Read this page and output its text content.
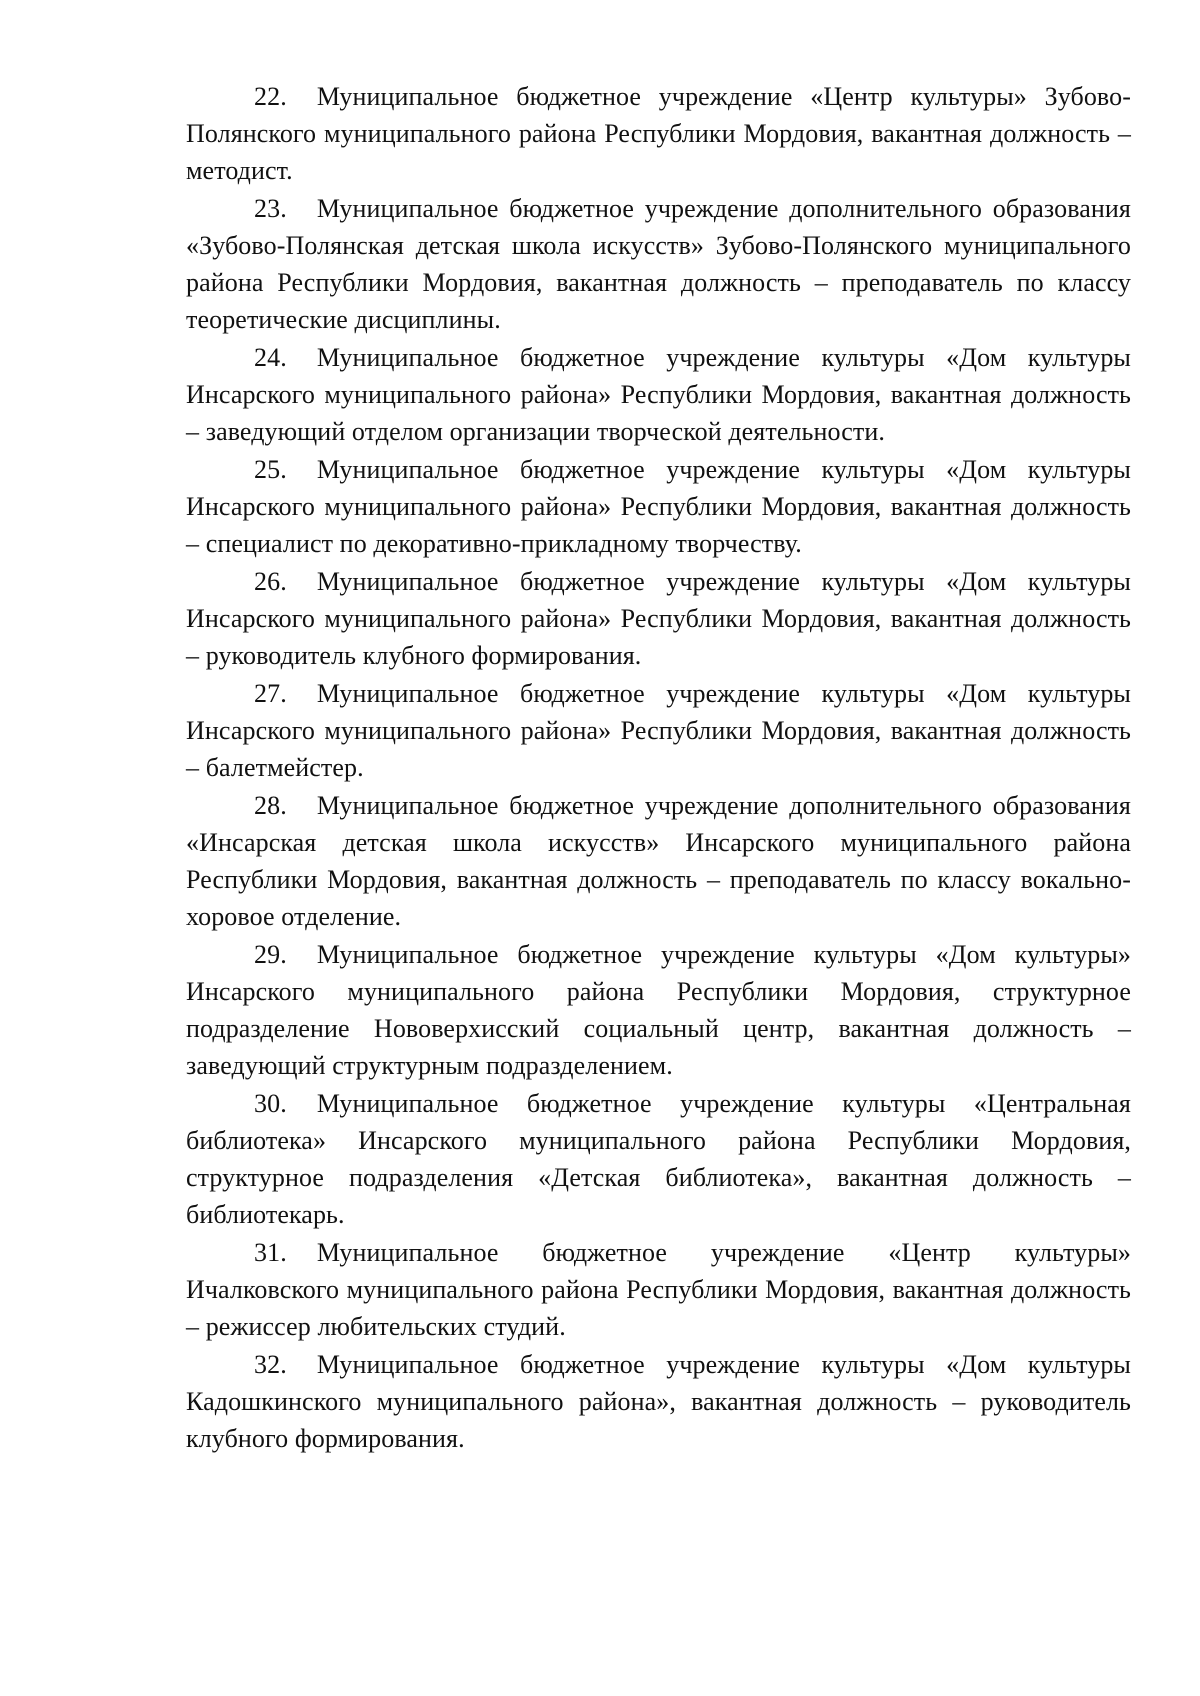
22. Муниципальное бюджетное учреждение «Центр культуры» Зубово-Полянского муниципального района Республики Мордовия, вакантная должность – методист.

23. Муниципальное бюджетное учреждение дополнительного образования «Зубово-Полянская детская школа искусств» Зубово-Полянского муниципального района Республики Мордовия, вакантная должность – преподаватель по классу теоретические дисциплины.

24. Муниципальное бюджетное учреждение культуры «Дом культуры Инсарского муниципального района» Республики Мордовия, вакантная должность – заведующий отделом организации творческой деятельности.

25. Муниципальное бюджетное учреждение культуры «Дом культуры Инсарского муниципального района» Республики Мордовия, вакантная должность – специалист по декоративно-прикладному творчеству.

26. Муниципальное бюджетное учреждение культуры «Дом культуры Инсарского муниципального района» Республики Мордовия, вакантная должность – руководитель клубного формирования.

27. Муниципальное бюджетное учреждение культуры «Дом культуры Инсарского муниципального района» Республики Мордовия, вакантная должность – балетмейстер.

28. Муниципальное бюджетное учреждение дополнительного образования «Инсарская детская школа искусств» Инсарского муниципального района Республики Мордовия, вакантная должность – преподаватель по классу вокально-хоровое отделение.

29. Муниципальное бюджетное учреждение культуры «Дом культуры» Инсарского муниципального района Республики Мордовия, структурное подразделение Нововерхисский социальный центр, вакантная должность – заведующий структурным подразделением.

30. Муниципальное бюджетное учреждение культуры «Центральная библиотека» Инсарского муниципального района Республики Мордовия, структурное подразделения «Детская библиотека», вакантная должность – библиотекарь.

31. Муниципальное бюджетное учреждение «Центр культуры» Ичалковского муниципального района Республики Мордовия, вакантная должность – режиссер любительских студий.

32. Муниципальное бюджетное учреждение культуры «Дом культуры Кадошкинского муниципального района», вакантная должность – руководитель клубного формирования.
